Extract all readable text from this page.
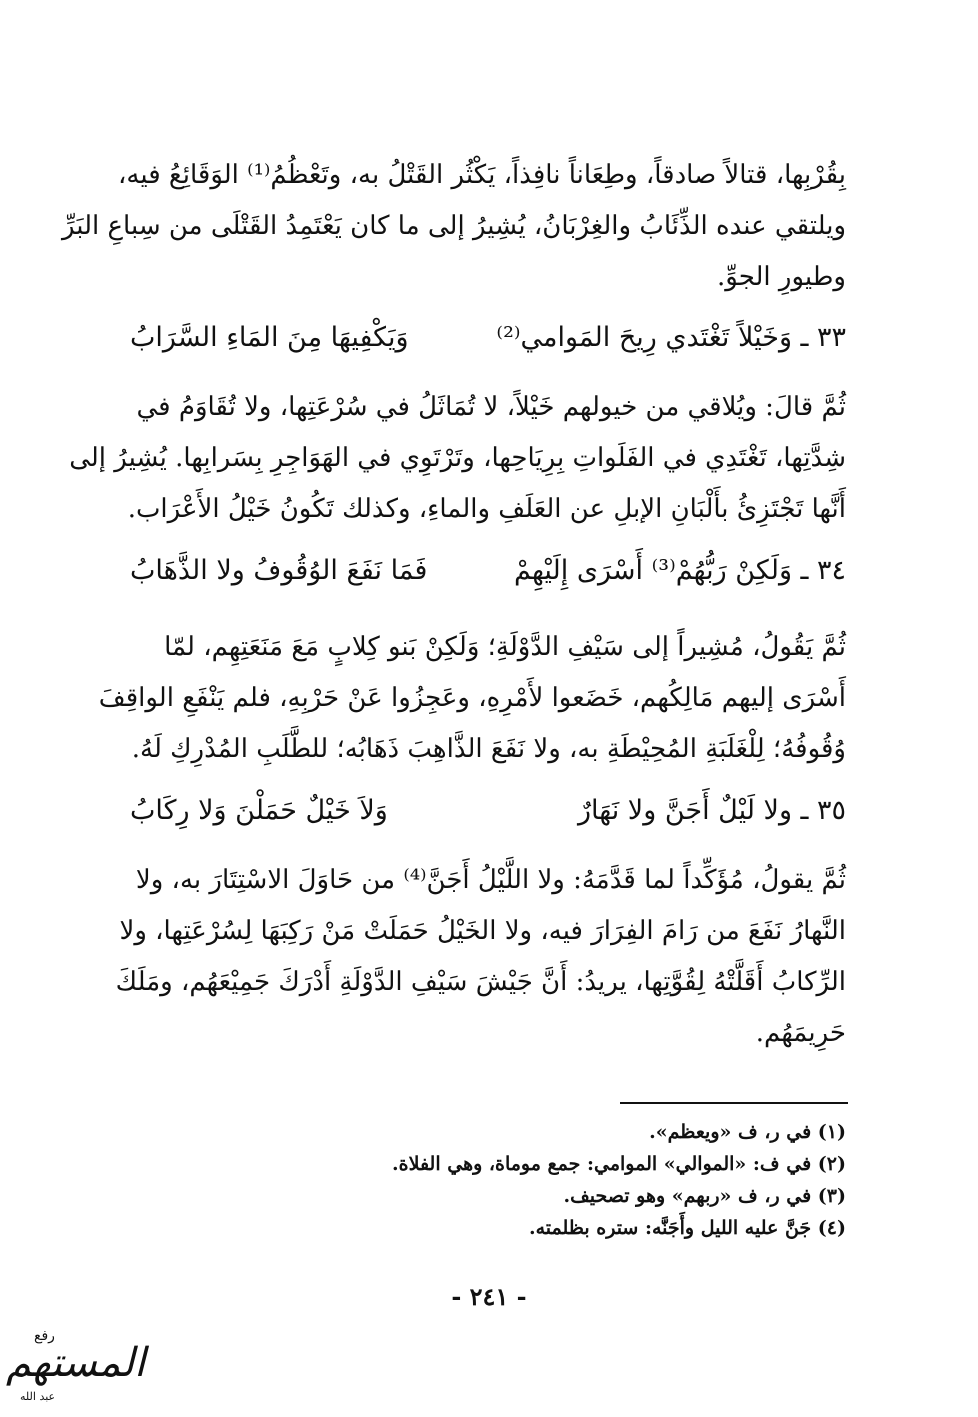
بِقُرْبِها، قتالاً صادقاً، وطِعَاناً نافِذاً، يَكْثُر القَتْلُ به، وتَعْظُمُ⁽¹⁾ الوَقَائِعُ فيه،
ويلتقي عنده الذِّئَابُ والغِرْبَانُ، يُشِيرُ إلى ما كان يَعْتَمِدُ القَتْلَى من سِباعِ البَرِّ
وطيورِ الجوِّ.
٣٣ ـ
وَخَيْلاً تَغْتَدي رِيحَ المَوامي⁽²⁾
وَيَكْفِيهَا مِنَ المَاءِ السَّرَابُ
ثُمَّ قالَ: ويُلاقي من خيولهم خَيْلاً، لا تُمَاثَلُ في سُرْعَتِها، ولا تُقَاوَمُ في
شِدَّتِها، تَغْتَدِي في الفَلَواتِ بِرِيَاحِها، وتَرْتَوِي في الهَوَاجِرِ بِسَرابِها. يُشِيرُ إلى
أَنَّها تَجْتَزِئُ بأَلْبَانِ الإبلِ عن العَلَفِ والماءِ، وكذلك تَكُونُ خَيْلُ الأَعْرَاب.
٣٤ ـ
وَلَكِنْ رَبُّهُمْ⁽³⁾ أَسْرَى إِلَيْهِمْ
فَمَا نَفَعَ الوُقُوفُ ولا الذَّهَابُ
ثُمَّ يَقُولُ، مُشِيراً إلى سَيْفِ الدَّوْلَةِ؛ وَلَكِنْ بَنو كِلابٍ مَعَ مَنَعَتِهِم، لمّا
أَسْرَى إليهم مَالِكُهم، خَضَعوا لأَمْرِهِ، وعَجِزُوا عَنْ حَرْبِهِ، فلم يَنْفَعِ الواقِفَ
وُقُوفُهُ؛ لِلْغَلَبَةِ المُحِيْطَةِ به، ولا نَفَعَ الذَّاهِبَ ذَهَابُه؛ للطَّلَبِ المُدْرِكِ لَهُ.
٣٥ ـ
ولا لَيْلٌ أَجَنَّ ولا نَهَارٌ
وَلاَ خَيْلٌ حَمَلْنَ وَلا رِكَابُ
ثُمَّ يقولُ، مُؤَكِّداً لما قَدَّمَهُ: ولا اللَّيْلُ أَجَنَّ⁽⁴⁾ من حَاوَلَ الاسْتِتَارَ به، ولا
النَّهارُ نَفَعَ من رَامَ الفِرَارَ فيه، ولا الخَيْلُ حَمَلَتْ مَنْ رَكِبَهَا لِسُرْعَتِها، ولا
الرِّكابُ أَقَلَّتْهُ لِقُوَّتِها، يريدُ: أَنَّ جَيْشَ سَيْفِ الدَّوْلَةِ أَدْرَكَ جَمِيْعَهُم، ومَلَكَ
حَرِيمَهُم.
(١) في ر، ف «ويعظم».
(٢) في ف: «الموالي» الموامي: جمع موماة، وهي الفلاة.
(٣) في ر، ف «ربهم» وهو تصحيف.
(٤) جَنَّ عليه الليل وأَجَنَّه: ستره بظلمته.
- ٢٤١ -
رفع
المستهم
عبد الله
